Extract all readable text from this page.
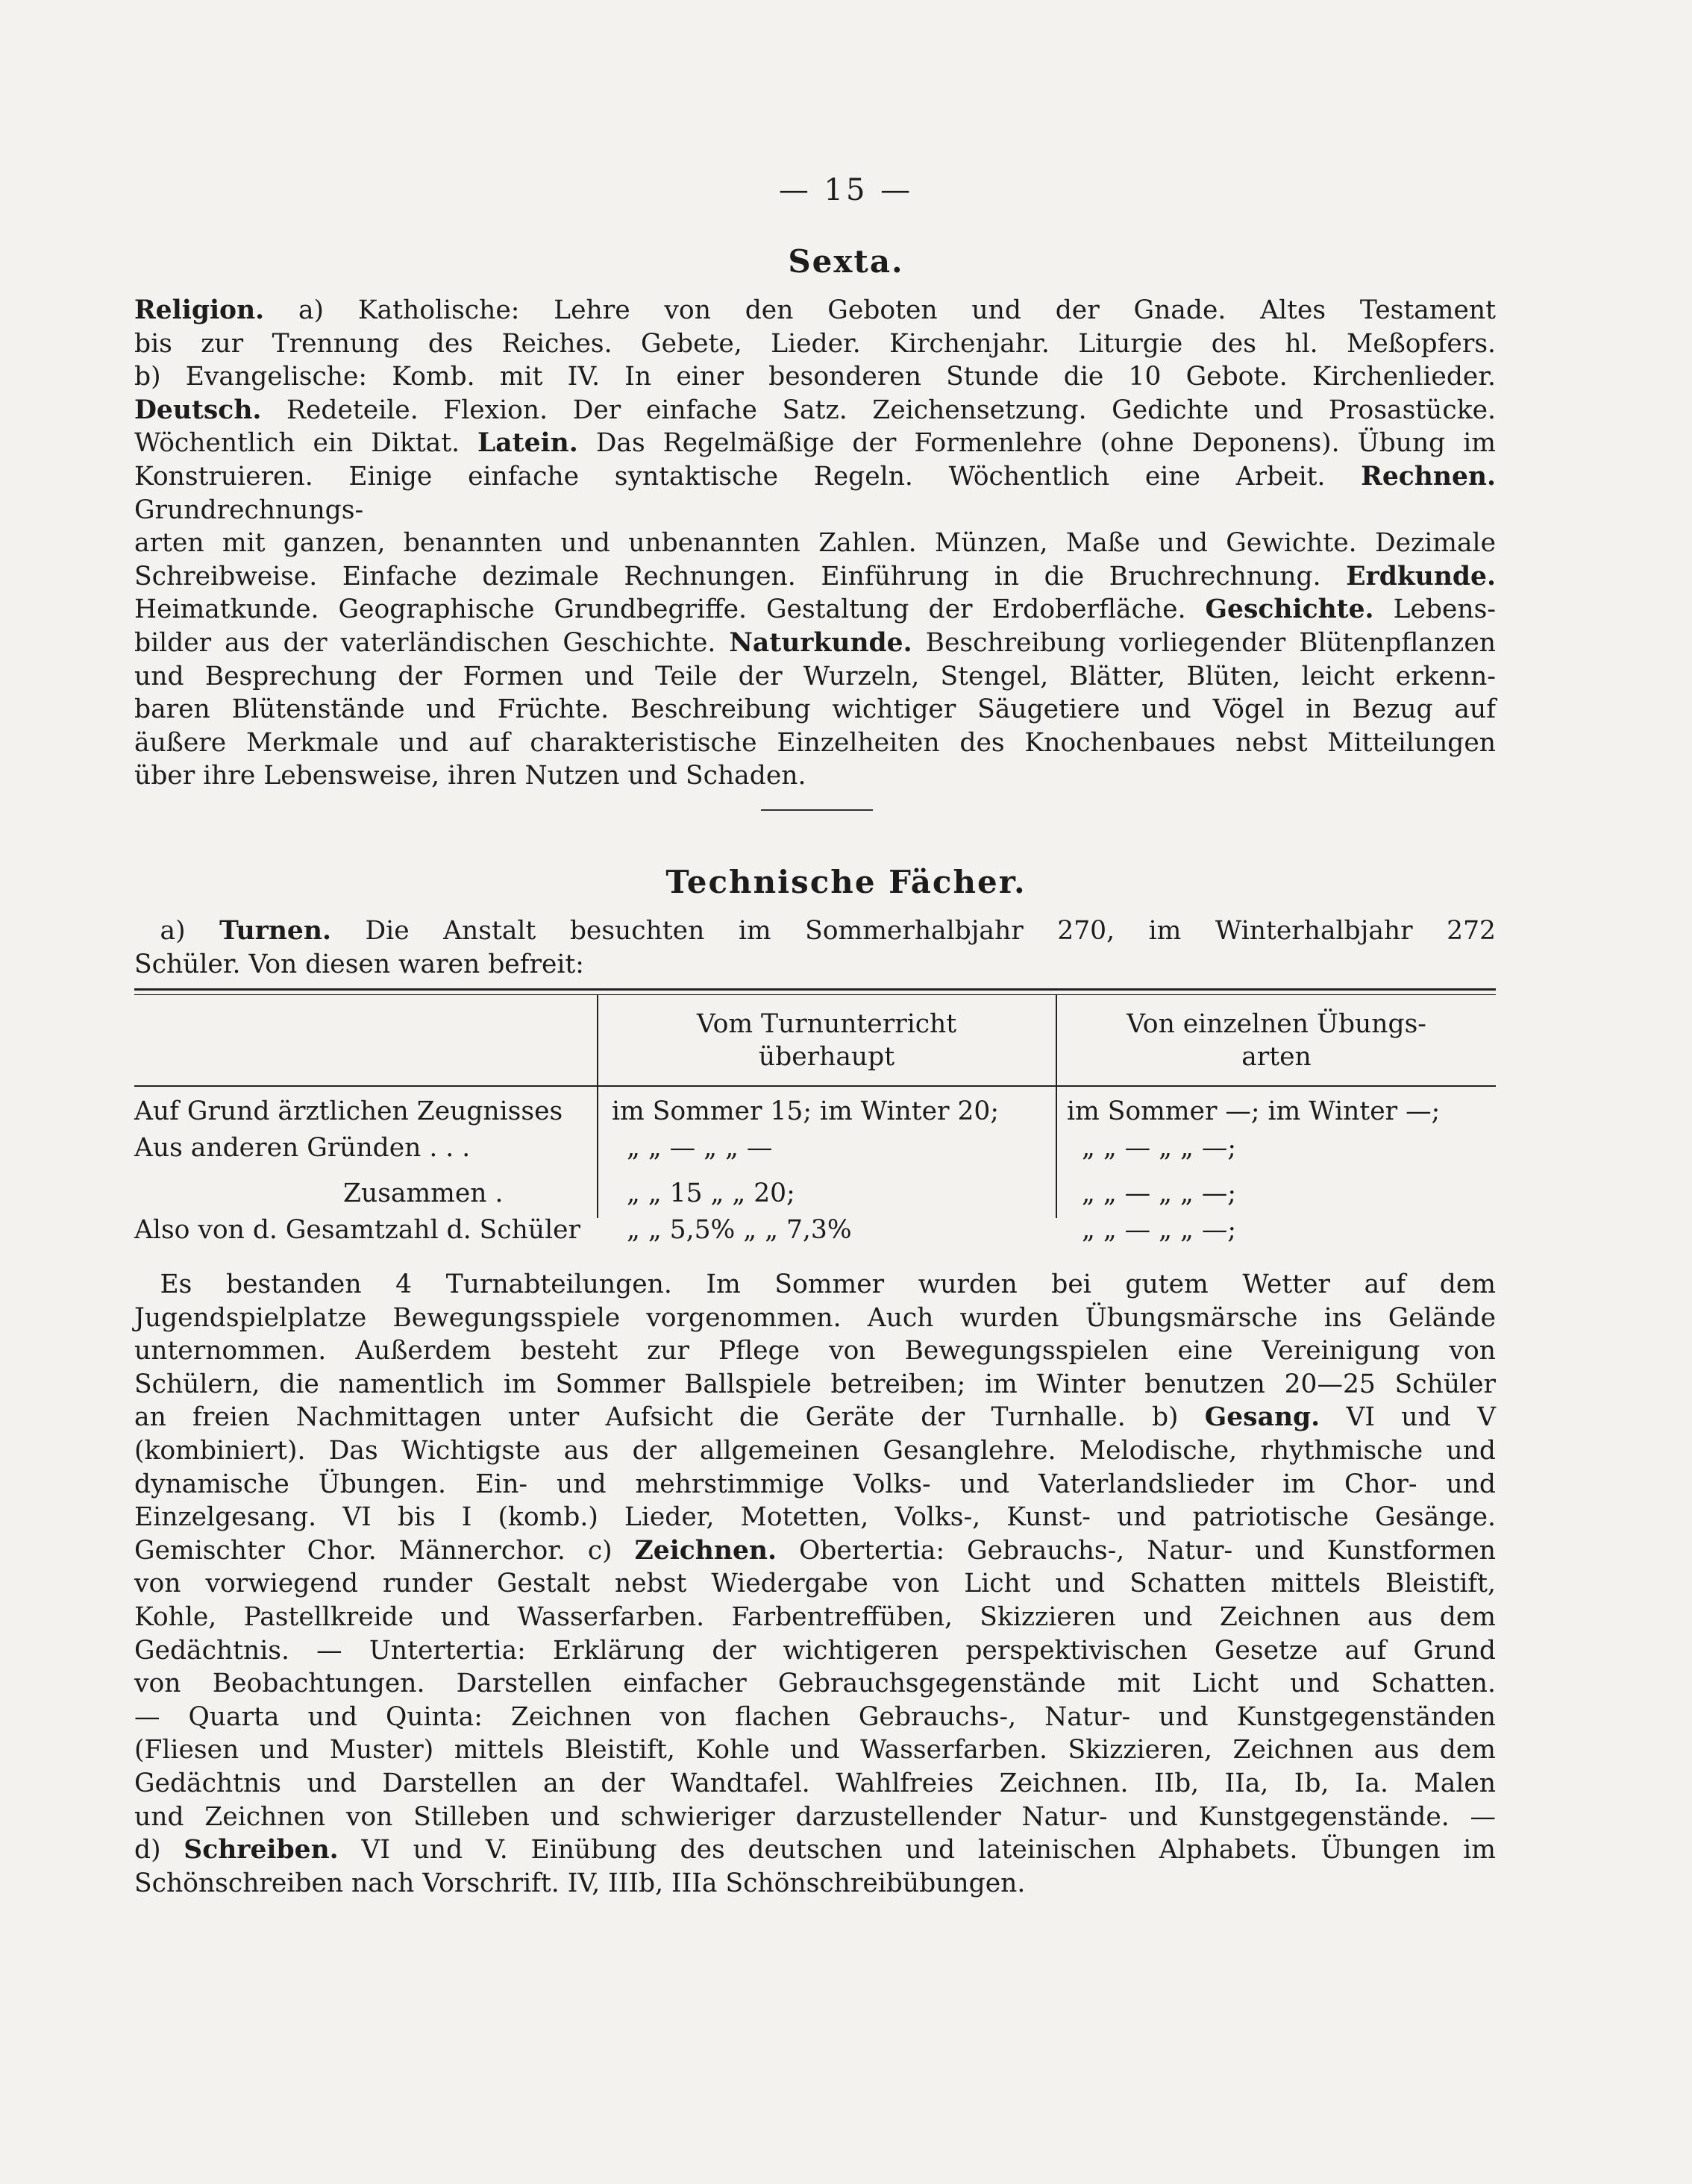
— 15 —
Sexta.
Religion. a) Katholische: Lehre von den Geboten und der Gnade. Altes Testament
bis zur Trennung des Reiches. Gebete, Lieder. Kirchenjahr. Liturgie des hl. Meßopfers.
b) Evangelische: Komb. mit IV. In einer besonderen Stunde die 10 Gebote. Kirchenlieder.
Deutsch. Redeteile. Flexion. Der einfache Satz. Zeichensetzung. Gedichte und Prosastücke.
Wöchentlich ein Diktat. Latein. Das Regelmäßige der Formenlehre (ohne Deponens). Übung im
Konstruieren. Einige einfache syntaktische Regeln. Wöchentlich eine Arbeit. Rechnen. Grundrechnungs-
arten mit ganzen, benannten und unbenannten Zahlen. Münzen, Maße und Gewichte. Dezimale
Schreibweise. Einfache dezimale Rechnungen. Einführung in die Bruchrechnung. Erdkunde.
Heimatkunde. Geographische Grundbegriffe. Gestaltung der Erdoberfläche. Geschichte. Lebens-
bilder aus der vaterländischen Geschichte. Naturkunde. Beschreibung vorliegender Blütenpflanzen
und Besprechung der Formen und Teile der Wurzeln, Stengel, Blätter, Blüten, leicht erkenn-
baren Blütenstände und Früchte. Beschreibung wichtiger Säugetiere und Vögel in Bezug auf
äußere Merkmale und auf charakteristische Einzelheiten des Knochenbaues nebst Mitteilungen
über ihre Lebensweise, ihren Nutzen und Schaden.
Technische Fächer.
 a) Turnen. Die Anstalt besuchten im Sommerhalbjahr 270, im Winterhalbjahr 272
Schüler. Von diesen waren befreit:
Vom Turnunterricht
überhaupt
Von einzelnen Übungs-
arten
Auf Grund ärztlichen Zeugnisses im Sommer 15; im Winter 20;	im Sommer —; im Winter —;
Aus anderen Gründen . . .	„ „ — „ „ —	„ „ — „ „ —;
Zusammen .	„ „ 15 „ „ 20;	„ „ — „ „ —;
Also von d. Gesamtzahl d. Schüler „ „ 5,5% „ „ 7,3%	„ „ — „ „ —;
 Es bestanden 4 Turnabteilungen. Im Sommer wurden bei gutem Wetter auf dem
Jugendspielplatze Bewegungsspiele vorgenommen. Auch wurden Übungsmärsche ins Gelände
unternommen. Außerdem besteht zur Pflege von Bewegungsspielen eine Vereinigung von
Schülern, die namentlich im Sommer Ballspiele betreiben; im Winter benutzen 20—25 Schüler
an freien Nachmittagen unter Aufsicht die Geräte der Turnhalle. b) Gesang. VI und V
(kombiniert). Das Wichtigste aus der allgemeinen Gesanglehre. Melodische, rhythmische und
dynamische Übungen. Ein- und mehrstimmige Volks- und Vaterlandslieder im Chor- und
Einzelgesang. VI bis I (komb.) Lieder, Motetten, Volks-, Kunst- und patriotische Gesänge.
Gemischter Chor. Männerchor. c) Zeichnen. Obertertia: Gebrauchs-, Natur- und Kunstformen
von vorwiegend runder Gestalt nebst Wiedergabe von Licht und Schatten mittels Bleistift,
Kohle, Pastellkreide und Wasserfarben. Farbentreffüben, Skizzieren und Zeichnen aus dem
Gedächtnis. — Untertertia: Erklärung der wichtigeren perspektivischen Gesetze auf Grund
von Beobachtungen. Darstellen einfacher Gebrauchsgegenstände mit Licht und Schatten.
— Quarta und Quinta: Zeichnen von flachen Gebrauchs-, Natur- und Kunstgegenständen
(Fliesen und Muster) mittels Bleistift, Kohle und Wasserfarben. Skizzieren, Zeichnen aus dem
Gedächtnis und Darstellen an der Wandtafel. Wahlfreies Zeichnen. IIb, IIa, Ib, Ia. Malen
und Zeichnen von Stilleben und schwieriger darzustellender Natur- und Kunstgegenstände. —
d) Schreiben. VI und V. Einübung des deutschen und lateinischen Alphabets. Übungen im
Schönschreiben nach Vorschrift. IV, IIIb, IIIa Schönschreibübungen.
